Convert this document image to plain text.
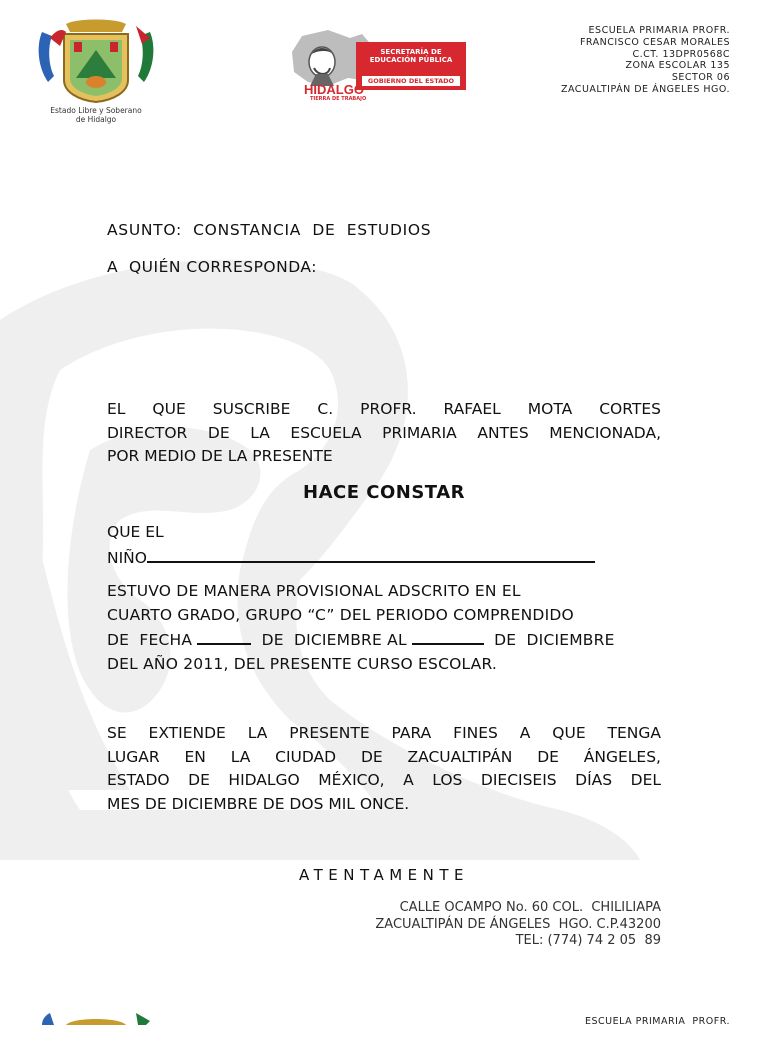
Estado Libre y Soberano
de Hidalgo
SECRETARÍA DE EDUCACIÓN PÚBLICA
GOBIERNO DEL ESTADO
HIDALGO
TIERRA DE TRABAJO
ESCUELA PRIMARIA PROFR.
FRANCISCO CESAR MORALES
C.CT. 13DPR0568C
ZONA ESCOLAR 135
SECTOR 06
ZACUALTIPÁN DE ÁNGELES HGO.
ASUNTO:  CONSTANCIA  DE  ESTUDIOS
A  QUIÉN CORRESPONDA:
EL QUE SUSCRIBE C. PROFR. RAFAEL MOTA CORTES
DIRECTOR DE LA ESCUELA PRIMARIA ANTES MENCIONADA,
POR MEDIO DE LA PRESENTE
HACE CONSTAR
QUE EL
NIÑO
ESTUVO DE MANERA PROVISIONAL ADSCRITO EN EL
CUARTO GRADO, GRUPO “C” DEL PERIODO COMPRENDIDO
DE  FECHA	DE  DICIEMBRE AL	DE  DICIEMBRE
DEL AÑO 2011, DEL PRESENTE CURSO ESCOLAR.
SE EXTIENDE LA PRESENTE PARA FINES A QUE TENGA
LUGAR EN LA CIUDAD DE ZACUALTIPÁN DE ÁNGELES,
ESTADO DE HIDALGO MÉXICO, A LOS DIECISEIS DÍAS DEL
MES DE DICIEMBRE DE DOS MIL ONCE.
ATENTAMENTE
CALLE OCAMPO No. 60 COL.  CHILILIAPA
ZACUALTIPÁN DE ÁNGELES  HGO. C.P.43200
TEL: (774) 74 2 05  89
ESCUELA PRIMARIA  PROFR.
